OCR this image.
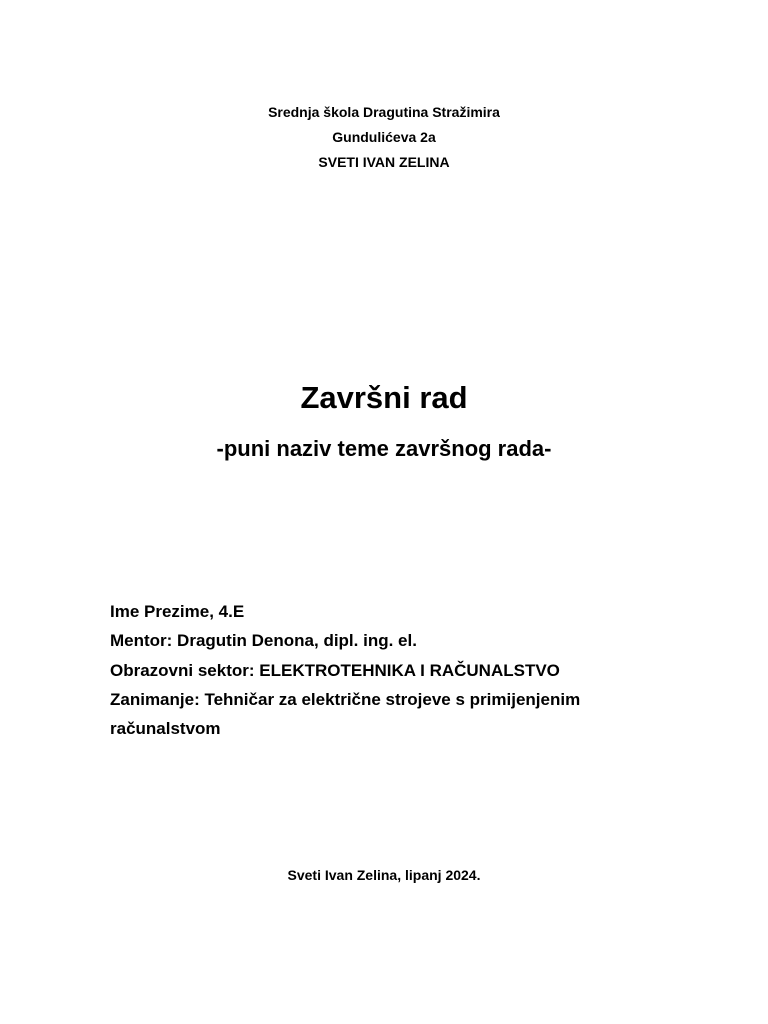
Srednja škola Dragutina Stražimira

Gundulićeva 2a

SVETI IVAN ZELINA

Završni rad
-puni naziv teme završnog rada-

Ime Prezime, 4.E

Mentor: Dragutin Denona, dipl. ing. el.

Obrazovni sektor: ELEKTROTEHNIKA I RAČUNALSTVO

Zanimanje: Tehničar za električne strojeve s primijenjenim

računalstvom

Sveti Ivan Zelina, lipanj 2024.
